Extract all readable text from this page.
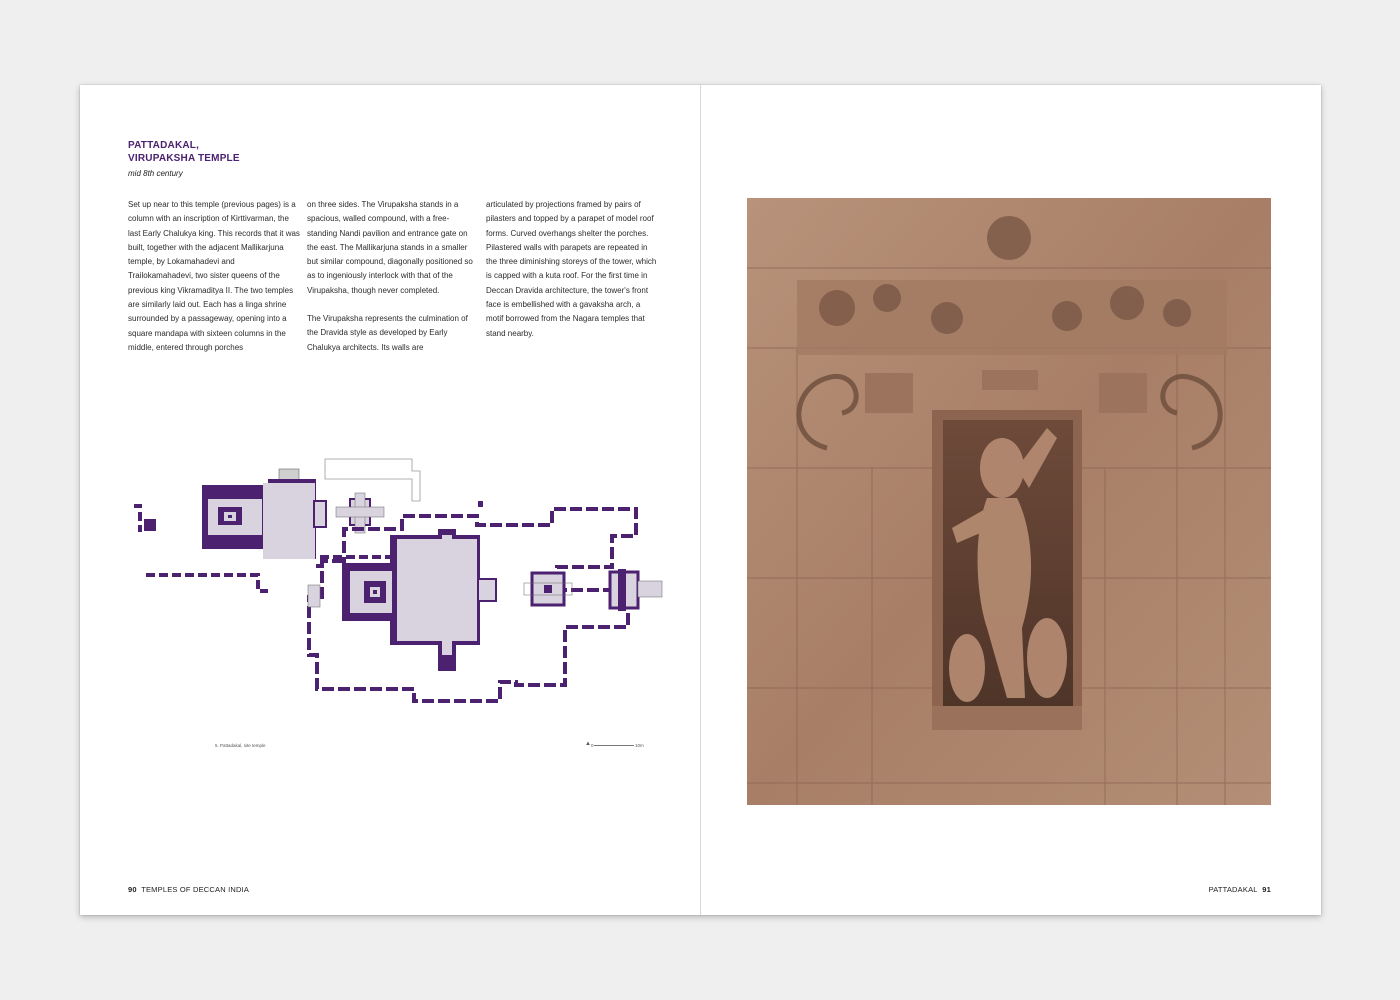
PATTADAKAL,
VIRUPAKSHA TEMPLE
mid 8th century

Set up near to this temple (previous pages) is a column with an inscription of Kirttivarman, the last Early Chalukya king. This records that it was built, together with the adjacent Mallikarjuna temple, by Lokamahadevi and Trailokamahadevi, two sister queens of the previous king Vikramaditya II. The two temples are similarly laid out. Each has a linga shrine surrounded by a passageway, opening into a square mandapa with sixteen columns in the middle, entered through porches

on three sides. The Virupaksha stands in a spacious, walled compound, with a free-standing Nandi pavilion and entrance gate on the east. The Mallikarjuna stands in a smaller but similar compound, diagonally positioned so as to ingeniously interlock with that of the Virupaksha, though never completed.

The Virupaksha represents the culmination of the Dravida style as developed by Early Chalukya architects. Its walls are

articulated by projections framed by pairs of pilasters and topped by a parapet of model roof forms. Curved overhangs shelter the porches. Pilastered walls with parapets are repeated in the three diminishing storeys of the tower, which is capped with a kuta roof. For the first time in Deccan Dravida architecture, the tower's front face is embellished with a gavaksha arch, a motif borrowed from the Nagara temples that stand nearby.

5. Pattadakal, site temple	▲ 0	10m
90 TEMPLES OF DECCAN INDIA	PATTADAKAL 91
